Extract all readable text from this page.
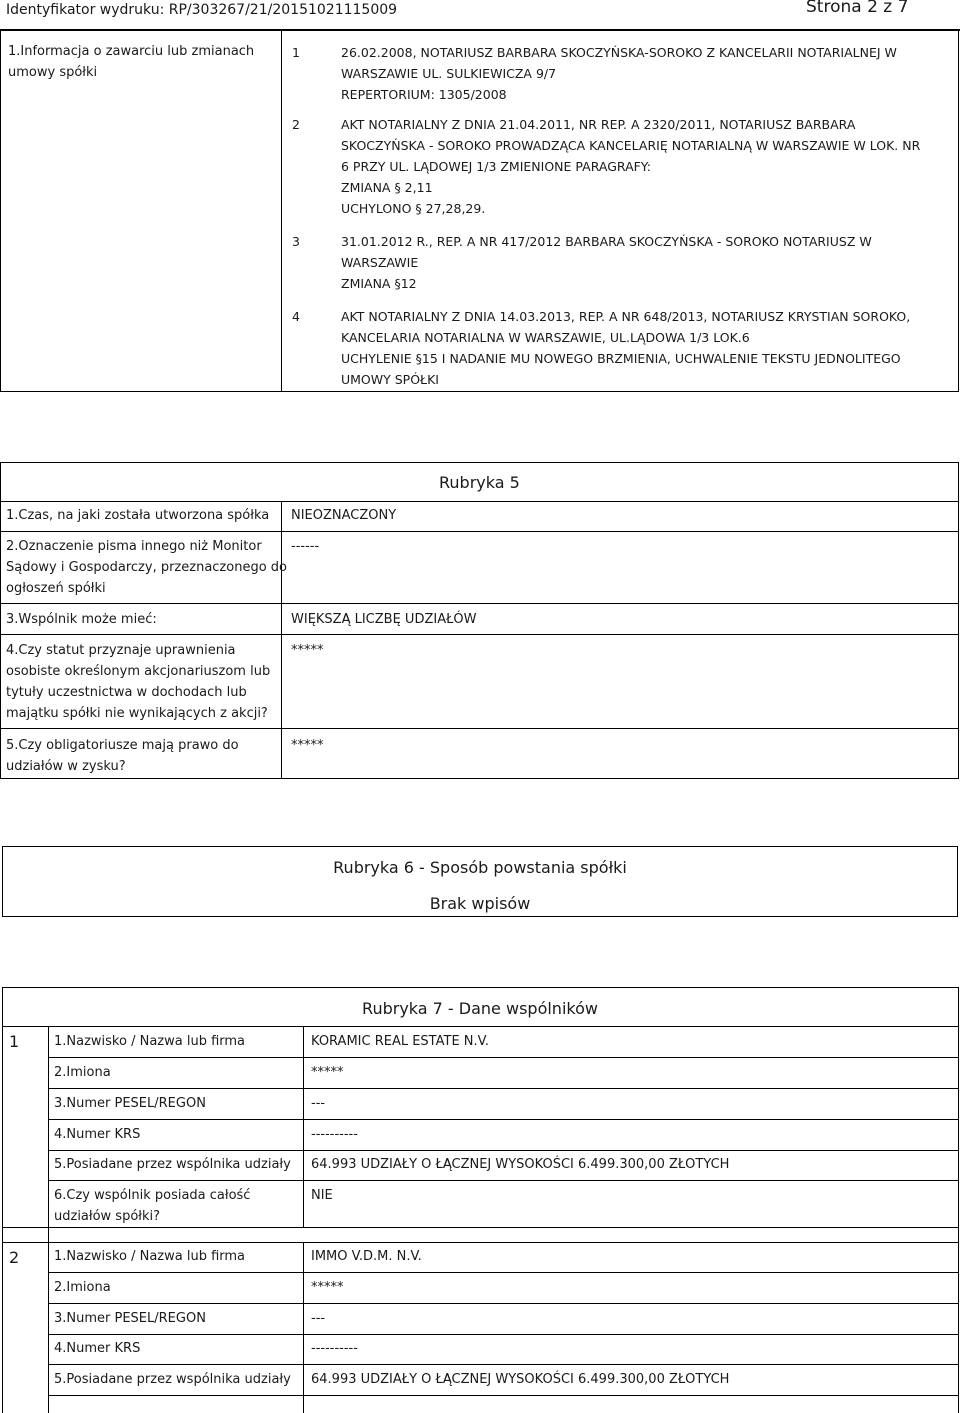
Identyfikator wydruku: RP/303267/21/20151021115009	Strona 2 z 7
1.Informacja o zawarciu lub zmianach
umowy spółki
1	26.02.2008, NOTARIUSZ BARBARA SKOCZYŃSKA-SOROKO Z KANCELARII NOTARIALNEJ W
WARSZAWIE UL. SULKIEWICZA 9/7
REPERTORIUM: 1305/2008
2	AKT NOTARIALNY Z DNIA 21.04.2011, NR REP. A 2320/2011, NOTARIUSZ BARBARA
SKOCZYŃSKA - SOROKO PROWADZĄCA KANCELARIĘ NOTARIALNĄ W WARSZAWIE W LOK. NR
6 PRZY UL. LĄDOWEJ 1/3 ZMIENIONE PARAGRAFY:
ZMIANA § 2,11
UCHYLONO § 27,28,29.
3	31.01.2012 R., REP. A NR 417/2012 BARBARA SKOCZYŃSKA - SOROKO NOTARIUSZ W
WARSZAWIE
ZMIANA §12
4	AKT NOTARIALNY Z DNIA 14.03.2013, REP. A NR 648/2013, NOTARIUSZ KRYSTIAN SOROKO,
KANCELARIA NOTARIALNA W WARSZAWIE, UL.LĄDOWA 1/3 LOK.6
UCHYLENIE §15 I NADANIE MU NOWEGO BRZMIENIA, UCHWALENIE TEKSTU JEDNOLITEGO
UMOWY SPÓŁKI
Rubryka 5
1.Czas, na jaki została utworzona spółka NIEOZNACZONY
2.Oznaczenie pisma innego niż Monitor
Sądowy i Gospodarczy, przeznaczonego do
ogłoszeń spółki
------
3.Wspólnik może mieć:	WIĘKSZĄ LICZBĘ UDZIAŁÓW
4.Czy statut przyznaje uprawnienia
osobiste określonym akcjonariuszom lub
tytuły uczestnictwa w dochodach lub
majątku spółki nie wynikających z akcji?
*****
5.Czy obligatoriusze mają prawo do
udziałów w zysku?
*****
Rubryka 6 - Sposób powstania spółki
Brak wpisów
Rubryka 7 - Dane wspólników
1	1.Nazwisko / Nazwa lub firma	KORAMIC REAL ESTATE N.V.
2.Imiona	*****
3.Numer PESEL/REGON	---
4.Numer KRS	----------
5.Posiadane przez wspólnika udziały 64.993 UDZIAŁY O ŁĄCZNEJ WYSOKOŚCI 6.499.300,00 ZŁOTYCH
6.Czy wspólnik posiada całość
udziałów spółki?
NIE
2	1.Nazwisko / Nazwa lub firma	IMMO V.D.M. N.V.
2.Imiona	*****
3.Numer PESEL/REGON	---
4.Numer KRS	----------
5.Posiadane przez wspólnika udziały 64.993 UDZIAŁY O ŁĄCZNEJ WYSOKOŚCI 6.499.300,00 ZŁOTYCH
